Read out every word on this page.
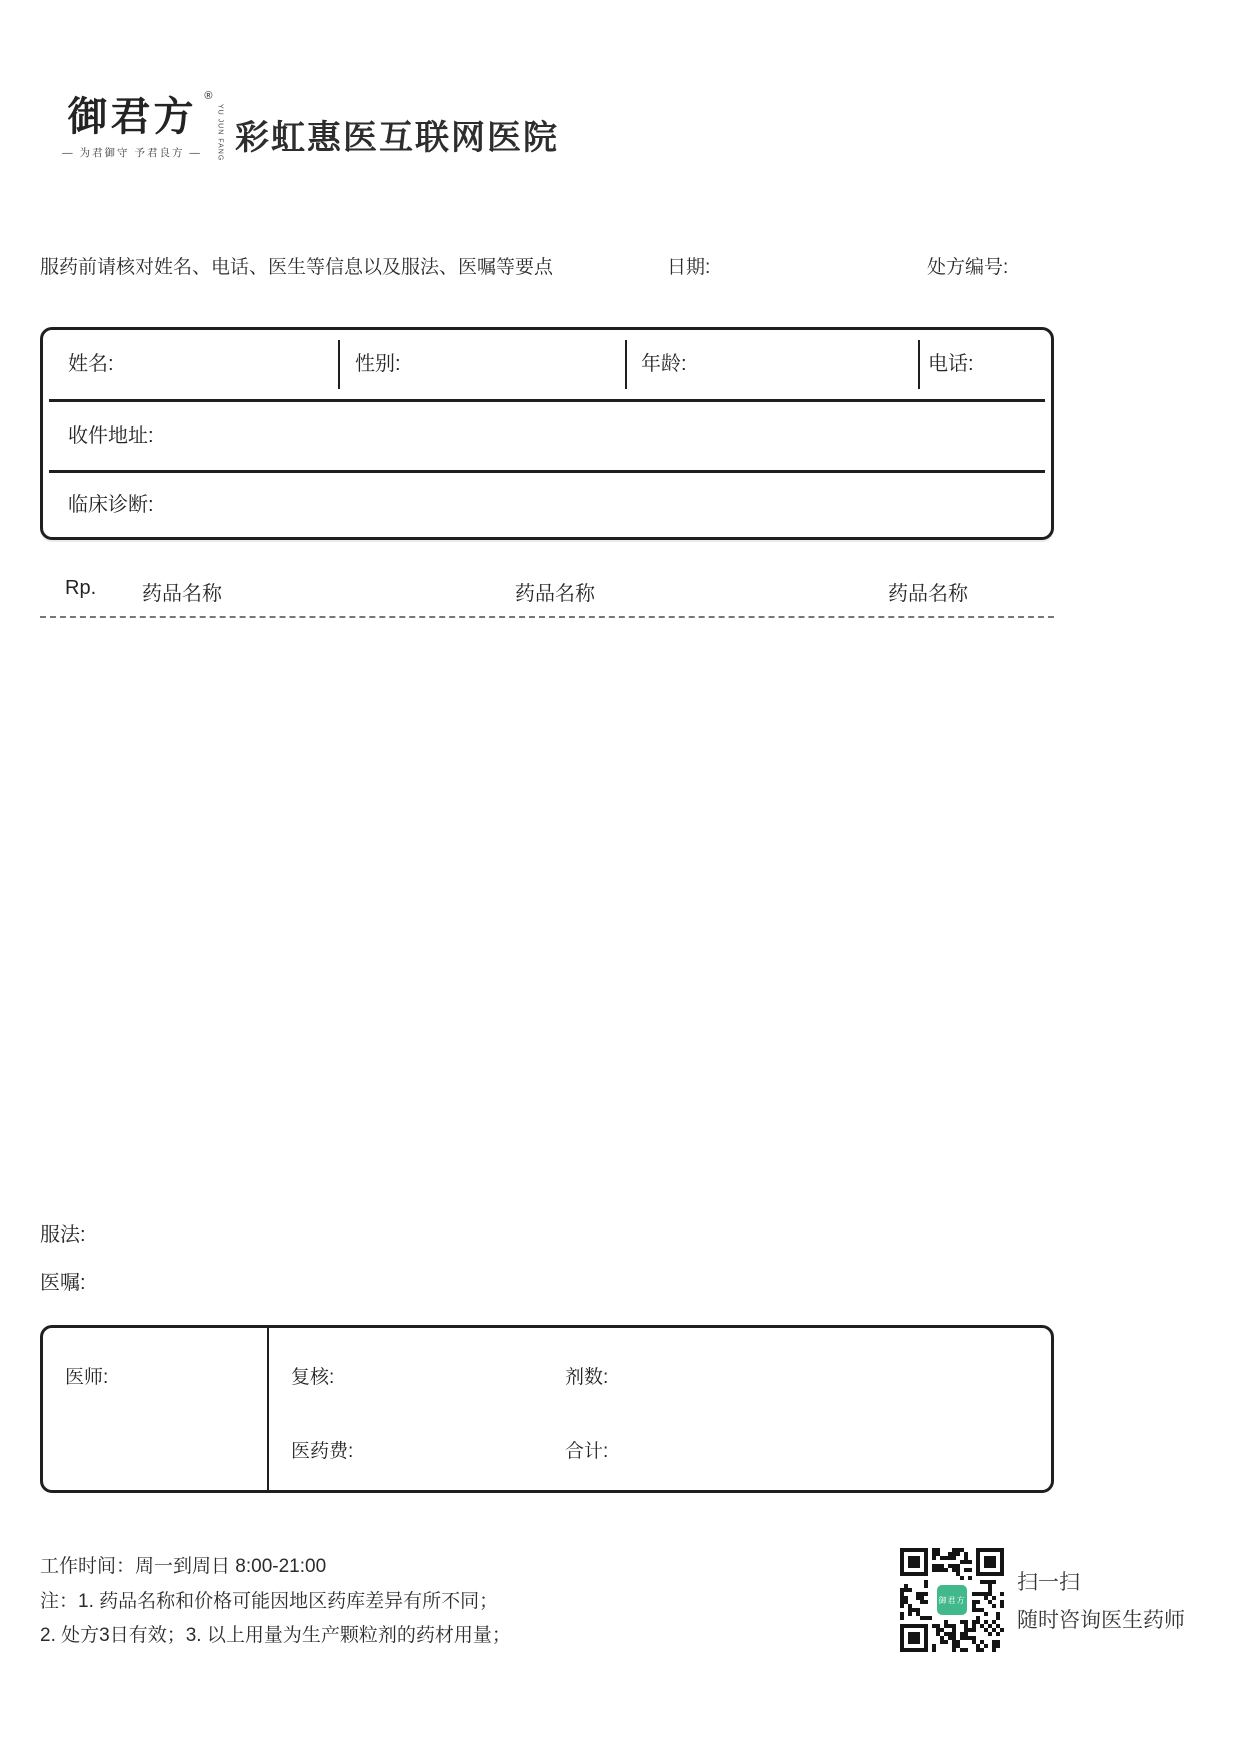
御君方 ®
YU JUN FANG
— 为君御守 予君良方 — 彩虹惠医互联网医院
服药前请核对姓名、电话、医生等信息以及服法、医嘱等要点	日期:	处方编号:
姓名:	性别:	年龄:	电话:
收件地址:
临床诊断:
Rp. 药品名称	药品名称	药品名称
服法:
医嘱:
医师:	复核:	剂数:
医药费:	合计:
工作时间：周一到周日 8:00-21:00
注：1. 药品名称和价格可能因地区药库差异有所不同；
2. 处方3日有效；3. 以上用量为生产颗粒剂的药材用量；
御君方
扫一扫
随时咨询医生药师
